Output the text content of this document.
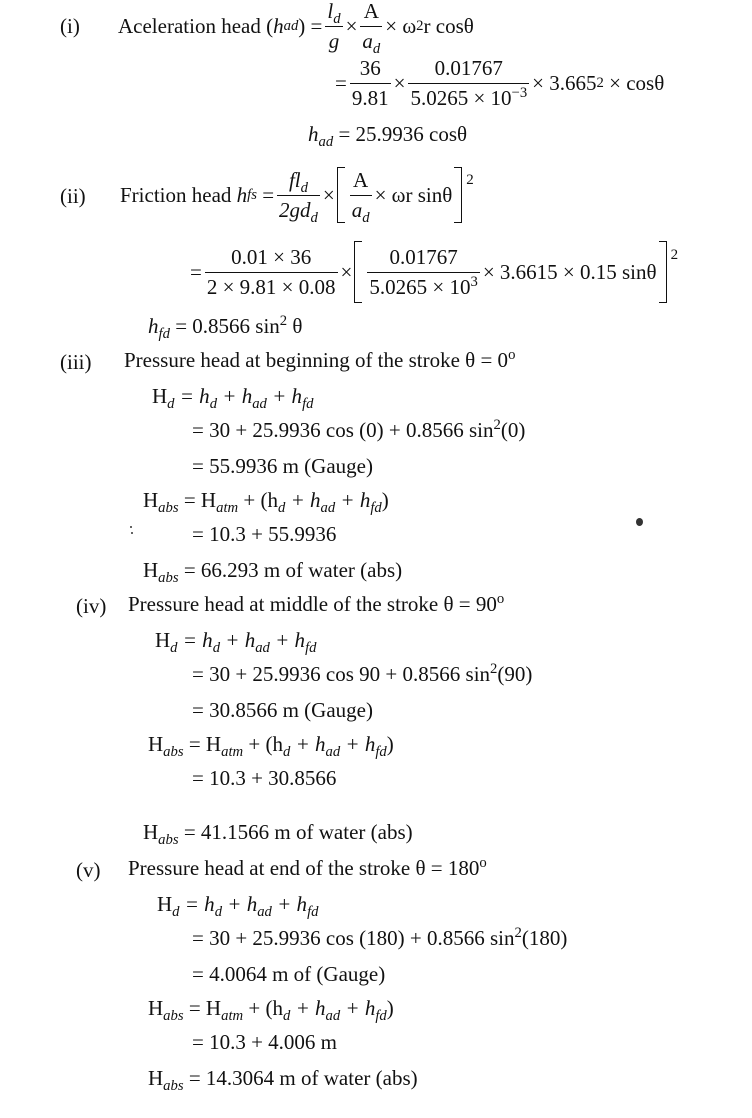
(i) Aceleration head ( h ad ) = $\frac{l_d}{g} \times \frac{A}{a_d} \times \omega$ 2 r cosθ
= $\frac{36}{9.81} \times \frac{0.01767}{5.0265 \times 10^{-3}} \times 3.665$ 2
× cosθ
$h_{ad} = 25.9936$ cosθ
(ii) Friction head
h fs = $\frac{fl_d}{2gd_d} \times \frac{A}{a_d} \times \omega r$ sinθ
2
= $\frac{0.01 \times 36}{2 \times 9.81 \times 0.08} \times \frac{0.01767}{5.0265 \times 10^3} \times 3.6615 \times 0.15$ sinθ
2
$h_{fd} = 0.8566$ $\sin^2 \theta$
(iii) Pressure head at beginning of the stroke $\theta = 0^o$
$H_d = h_d + h_{ad} + h_{fd}$
= 30 + 25.9936 cos (0) + 0.8566 $\sin^2(0)$
= 55.9936 m (Gauge)
$H_{abs} = H_{atm} + (h_d + h_{ad} + h_{fd})$
= 10.3 + 55.9936
$H_{abs} = 66.293$ m of water (abs)
(iv) Pressure head at middle of the stroke $\theta = 90^o$
$H_d = h_d + h_{ad} + h_{fd}$
= 30 + 25.9936 cos 90 + 0.8566 $\sin^2(90)$
= 30.8566 m (Gauge)
$H_{abs} = H_{atm} + (h_d + h_{ad} + h_{fd})$
= 10.3 + 30.8566
$H_{abs} = 41.1566$ m of water (abs)
(v) Pressure head at end of the stroke $\theta = 180^o$
$H_d = h_d + h_{ad} + h_{fd}$
= 30 + 25.9936 cos (180) + 0.8566 $\sin^2(180)$
= 4.0064 m of (Gauge)
$H_{abs} = H_{atm} + (h_d + h_{ad} + h_{fd})$
= 10.3 + 4.006 m
$H_{abs} = 14.3064$ m of water (abs)
